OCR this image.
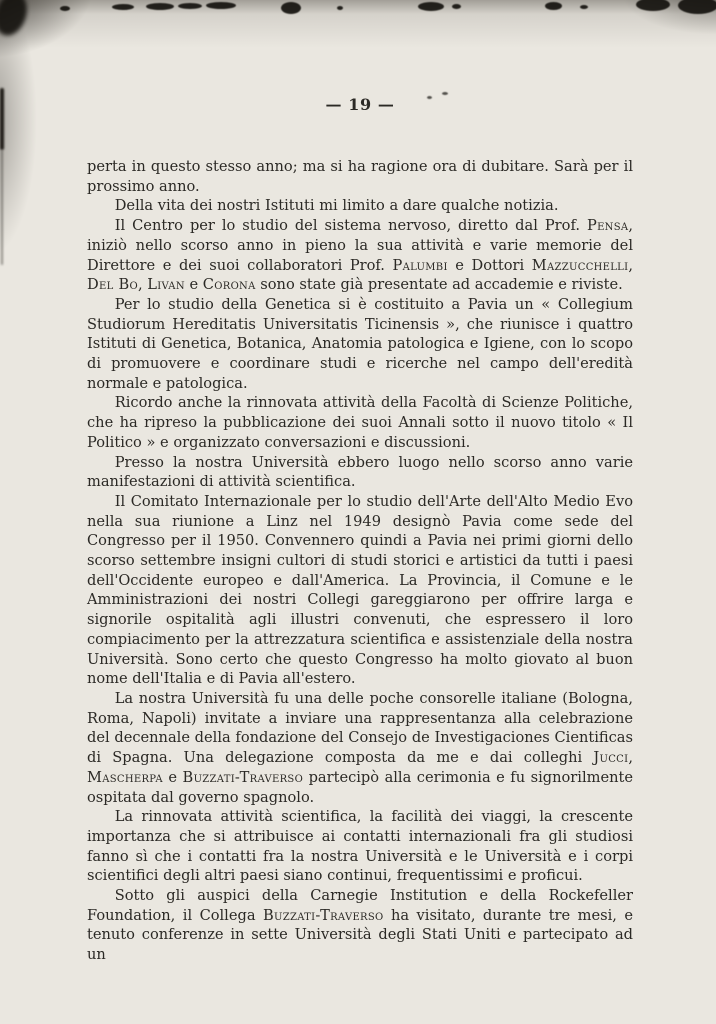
— 19 —

perta in questo stesso anno; ma si ha ragione ora di dubitare. Sarà per il prossimo anno.

Della vita dei nostri Istituti mi limito a dare qualche notizia.

Il Centro per lo studio del sistema nervoso, diretto dal Prof. Pensa, iniziò nello scorso anno in pieno la sua attività e varie memorie del Direttore e dei suoi collaboratori Prof. Palumbi e Dottori Mazzucchelli, Del Bo, Livan e Corona sono state già presentate ad accademie e riviste.

Per lo studio della Genetica si è costituito a Pavia un « Collegium Studiorum Hereditatis Universitatis Ticinensis », che riunisce i quattro Istituti di Genetica, Botanica, Anatomia patologica e Igiene, con lo scopo di promuovere e coordinare studi e ricerche nel campo dell'eredità normale e patologica.

Ricordo anche la rinnovata attività della Facoltà di Scienze Politiche, che ha ripreso la pubblicazione dei suoi Annali sotto il nuovo titolo « Il Politico » e organizzato conversazioni e discussioni.

Presso la nostra Università ebbero luogo nello scorso anno varie manifestazioni di attività scientifica.

Il Comitato Internazionale per lo studio dell'Arte dell'Alto Medio Evo nella sua riunione a Linz nel 1949 designò Pavia come sede del Congresso per il 1950. Convennero quindi a Pavia nei primi giorni dello scorso settembre insigni cultori di studi storici e artistici da tutti i paesi dell'Occidente europeo e dall'America. La Provincia, il Comune e le Amministrazioni dei nostri Collegi gareggiarono per offrire larga e signorile ospitalità agli illustri convenuti, che espressero il loro compiacimento per la attrezzatura scientifica e assistenziale della nostra Università. Sono certo che questo Congresso ha molto giovato al buon nome dell'Italia e di Pavia all'estero.

La nostra Università fu una delle poche consorelle italiane (Bologna, Roma, Napoli) invitate a inviare una rappresentanza alla celebrazione del decennale della fondazione del Consejo de Investigaciones Cientificas di Spagna. Una delegazione composta da me e dai colleghi Jucci, Mascherpa e Buzzati-Traverso partecipò alla cerimonia e fu signorilmente ospitata dal governo spagnolo.

La rinnovata attività scientifica, la facilità dei viaggi, la crescente importanza che si attribuisce ai contatti internazionali fra gli studiosi fanno sì che i contatti fra la nostra Università e le Università e i corpi scientifici degli altri paesi siano continui, frequentissimi e proficui.

Sotto gli auspici della Carnegie Institution e della Rockefeller Foundation, il Collega Buzzati-Traverso ha visitato, durante tre mesi, e tenuto conferenze in sette Università degli Stati Uniti e partecipato ad un
